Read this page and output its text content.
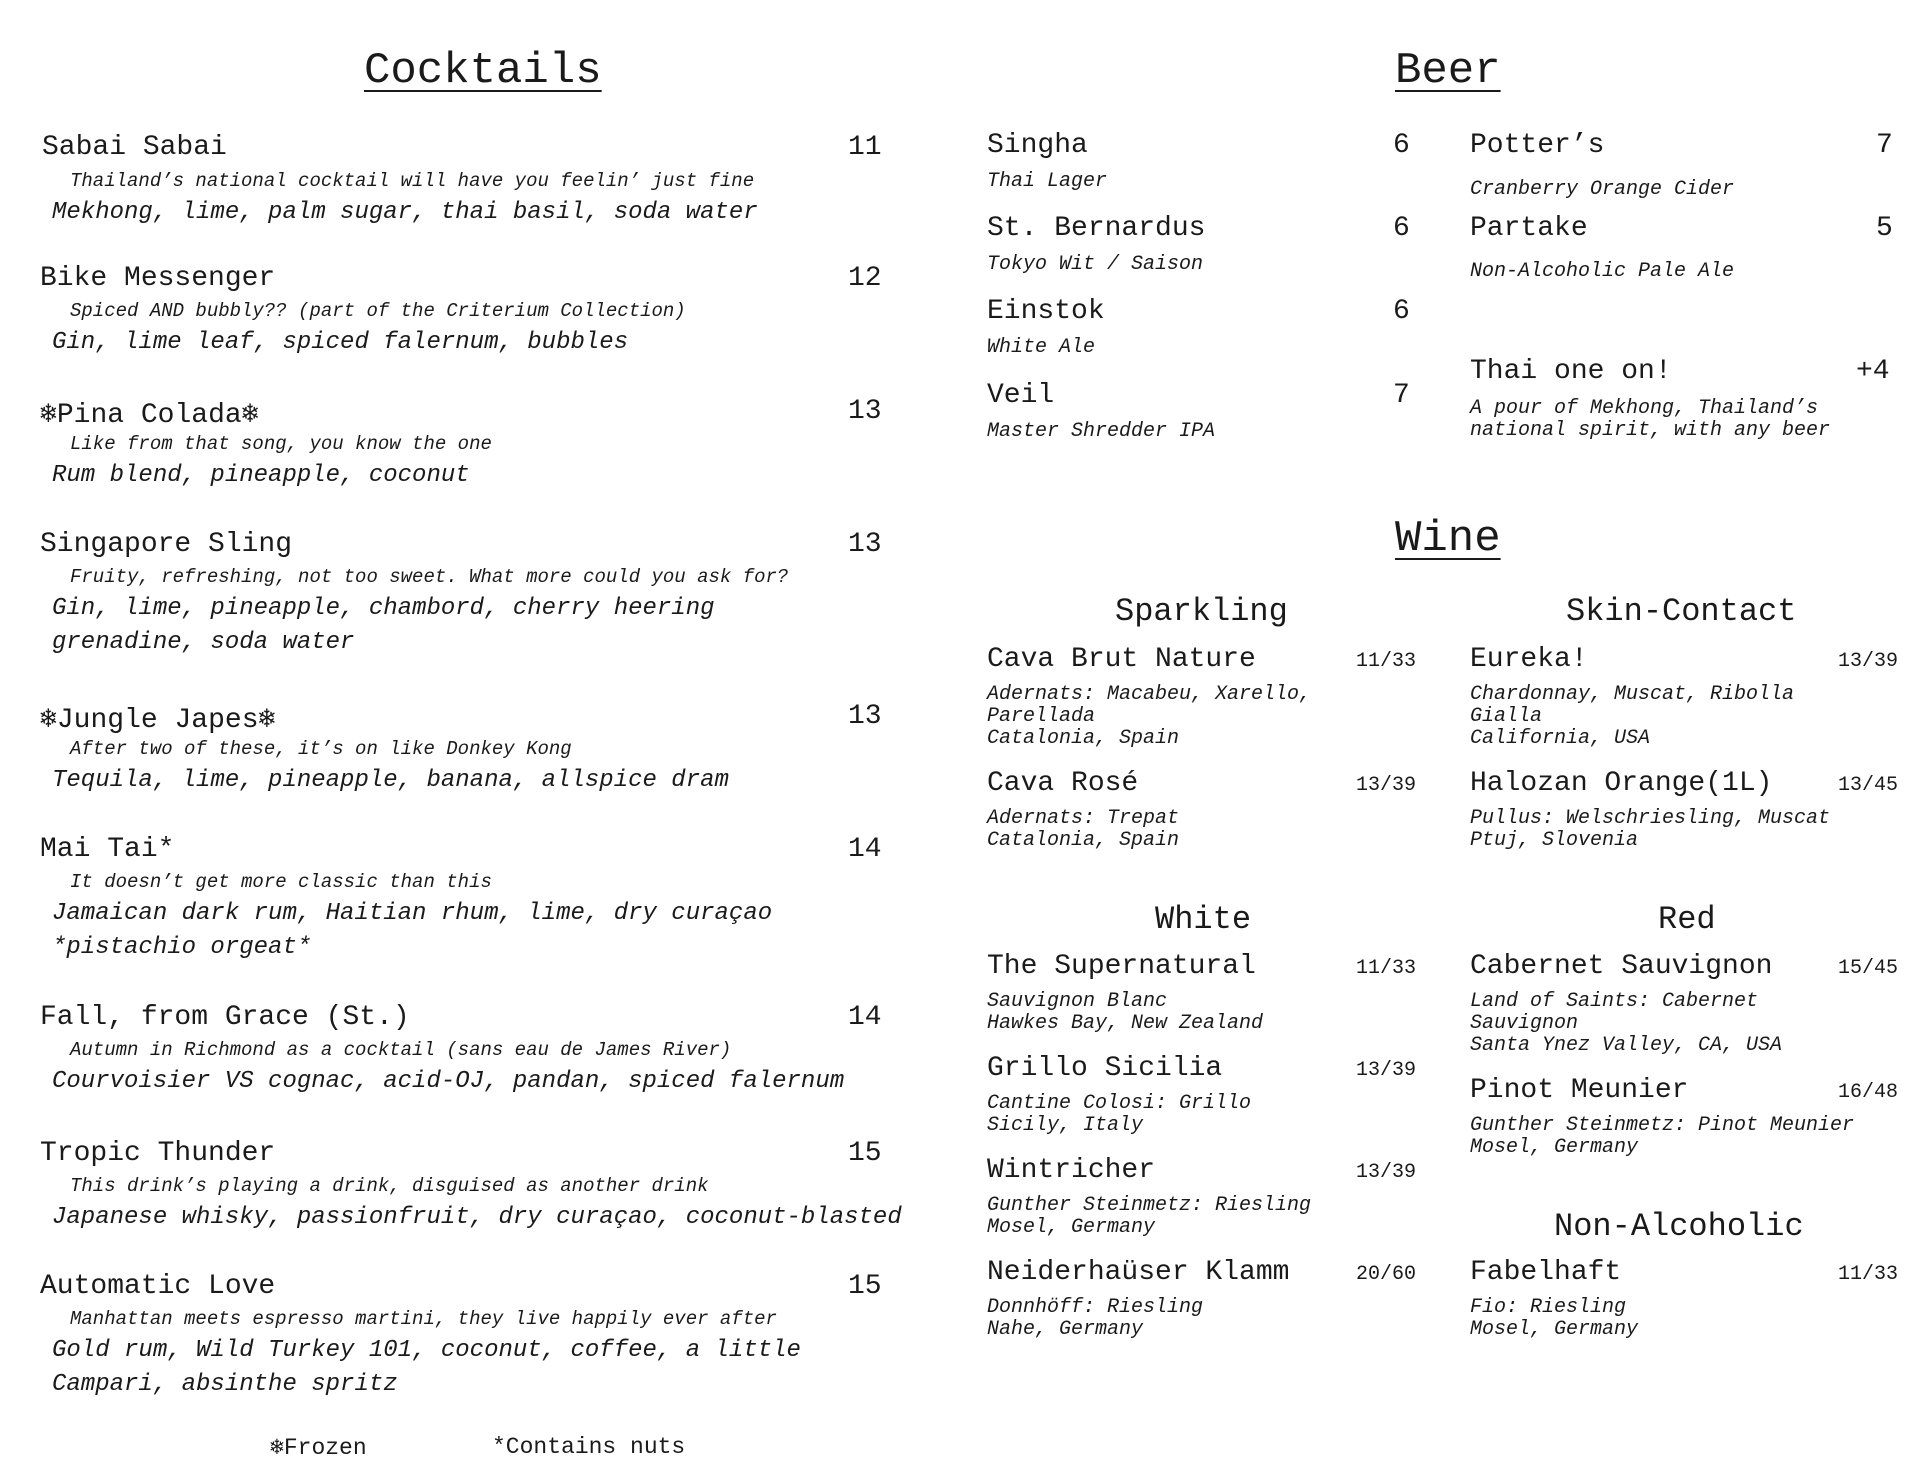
Cocktails
Sabai Sabai	11
Thailand’s national cocktail will have you feelin’ just fine
Mekhong, lime, palm sugar, thai basil, soda water
Bike Messenger	12
Spiced AND bubbly?? (part of the Criterium Collection)
Gin, lime leaf, spiced falernum, bubbles
❄Pina Colada❄	13
Like from that song, you know the one
Rum blend, pineapple, coconut
Singapore Sling	13
Fruity, refreshing, not too sweet. What more could you ask for?
Gin, lime, pineapple, chambord, cherry heering
grenadine, soda water
❄Jungle Japes❄	13
After two of these, it’s on like Donkey Kong
Tequila, lime, pineapple, banana, allspice dram
Mai Tai*	14
It doesn’t get more classic than this
Jamaican dark rum, Haitian rhum, lime, dry curaçao
*pistachio orgeat*
Fall, from Grace (St.)	14
Autumn in Richmond as a cocktail (sans eau de James River)
Courvoisier VS cognac, acid-OJ, pandan, spiced falernum
Tropic Thunder	15
This drink’s playing a drink, disguised as another drink
Japanese whisky, passionfruit, dry curaçao, coconut-blasted
Automatic Love	15
Manhattan meets espresso martini, they live happily ever after
Gold rum, Wild Turkey 101, coconut, coffee, a little
Campari, absinthe spritz
❄Frozen	*Contains nuts
Beer
Singha	6
Thai Lager
St. Bernardus	6
Tokyo Wit / Saison
Einstok	6
White Ale
Veil	7
Master Shredder IPA
Potter’s	7
Cranberry Orange Cider
Partake	5
Non-Alcoholic Pale Ale
Thai one on!	+4
A pour of Mekhong, Thailand’s
national spirit, with any beer
Wine
Sparkling
Cava Brut Nature	11/33
Adernats: Macabeu, Xarello,
Parellada
Catalonia, Spain
Cava Rosé	13/39
Adernats: Trepat
Catalonia, Spain
Skin-Contact
Eureka!	13/39
Chardonnay, Muscat, Ribolla
Gialla
California, USA
Halozan Orange(1L)	13/45
Pullus: Welschriesling, Muscat
Ptuj, Slovenia
White
The Supernatural	11/33
Sauvignon Blanc
Hawkes Bay, New Zealand
Grillo Sicilia	13/39
Cantine Colosi: Grillo
Sicily, Italy
Wintricher	13/39
Gunther Steinmetz: Riesling
Mosel, Germany
Neiderhaüser Klamm	20/60
Donnhöff: Riesling
Nahe, Germany
Red
Cabernet Sauvignon	15/45
Land of Saints: Cabernet
Sauvignon
Santa Ynez Valley, CA, USA
Pinot Meunier	16/48
Gunther Steinmetz: Pinot Meunier
Mosel, Germany
Non-Alcoholic
Fabelhaft	11/33
Fio: Riesling
Mosel, Germany
